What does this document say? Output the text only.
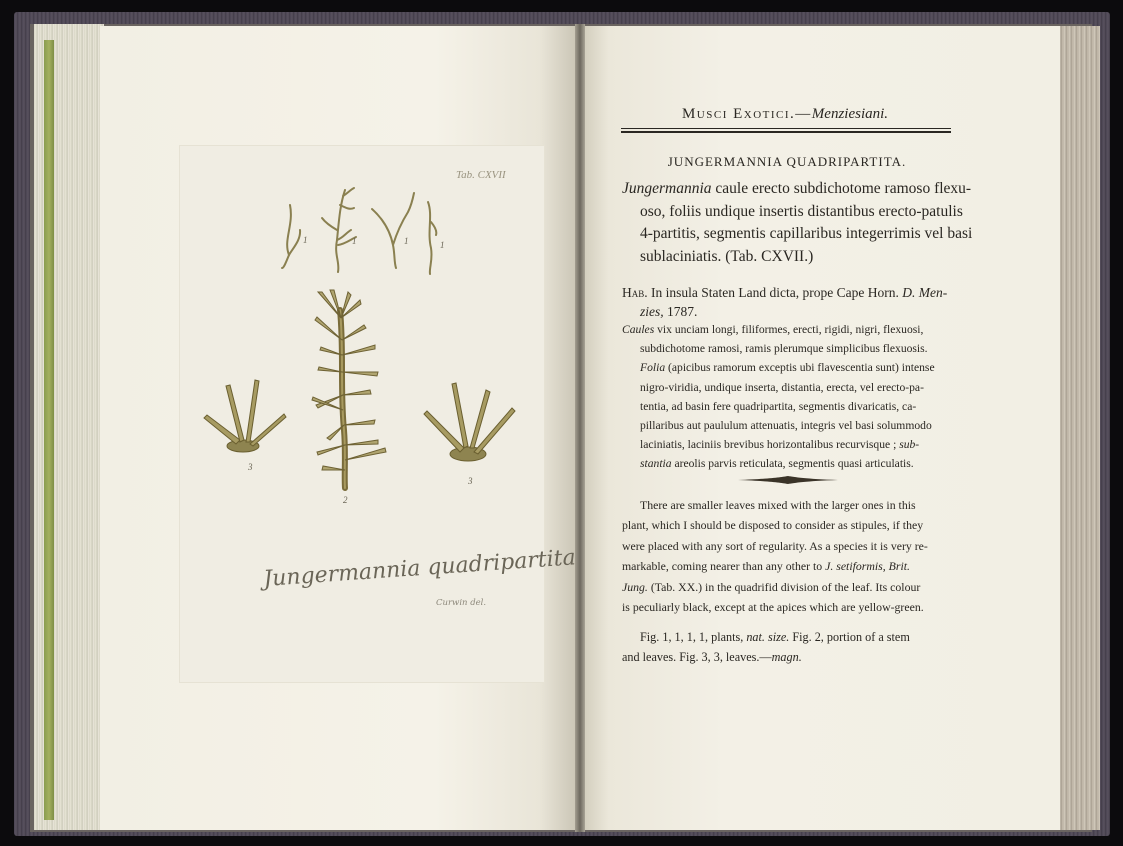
1	1	1	1
2
3
3
Tab. CXVII
Jungermannia quadripartita
Curwin del.
Musci Exotici.—Menziesiani.
JUNGERMANNIA QUADRIPARTITA.
Jungermannia caule erecto subdichotome ramoso flexu-
oso, foliis undique insertis distantibus erecto-patulis
4-partitis, segmentis capillaribus integerrimis vel basi
sublaciniatis. (Tab. CXVII.)
Hab. In insula Staten Land dicta, prope Cape Horn. D. Men-
zies, 1787.
Caules vix unciam longi, filiformes, erecti, rigidi, nigri, flexuosi,
subdichotome ramosi, ramis plerumque simplicibus flexuosis.
Folia (apicibus ramorum exceptis ubi flavescentia sunt) intense
nigro-viridia, undique inserta, distantia, erecta, vel erecto-pa-
tentia, ad basin fere quadripartita, segmentis divaricatis, ca-
pillaribus aut paululum attenuatis, integris vel basi solummodo
laciniatis, laciniis brevibus horizontalibus recurvisque ; sub-
stantia areolis parvis reticulata, segmentis quasi articulatis.
There are smaller leaves mixed with the larger ones in this
plant, which I should be disposed to consider as stipules, if they
were placed with any sort of regularity. As a species it is very re-
markable, coming nearer than any other to J. setiformis, Brit.
Jung. (Tab. XX.) in the quadrifid division of the leaf. Its colour
is peculiarly black, except at the apices which are yellow-green.
Fig. 1, 1, 1, 1, plants, nat. size. Fig. 2, portion of a stem
and leaves. Fig. 3, 3, leaves.—magn.
